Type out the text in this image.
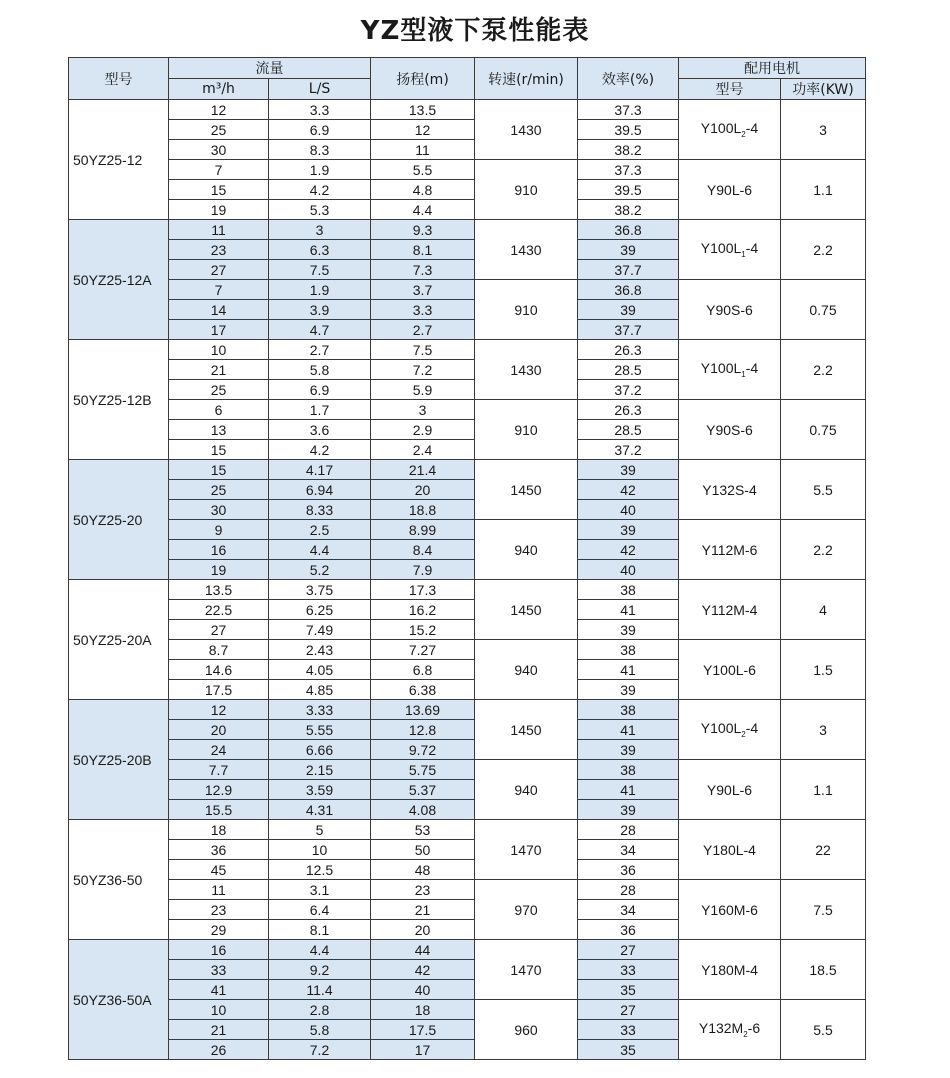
YZ型液下泵性能表
型号	流量		扬程(m)	转速(r/min)	效率(%)	配用电机	
	m³/h	L/S				型号	功率(KW)
50YZ25-12	12	3.3	13.5	1430	37.3	$Y100L_2-4$	3
	25	6.9	12		39.5		
	30	8.3	11		38.2		
	7	1.9	5.5	910	37.3	Y90L-6	1.1
	15	4.2	4.8		39.5		
	19	5.3	4.4		38.2		
50YZ25-12A	11	3	9.3	1430	36.8	$Y100L_1-4$	2.2
	23	6.3	8.1		39		
	27	7.5	7.3		37.7		
	7	1.9	3.7	910	36.8	Y90S-6	0.75
	14	3.9	3.3		39		
	17	4.7	2.7		37.7		
50YZ25-12B	10	2.7	7.5	1430	26.3	$Y100L_1-4$	2.2
	21	5.8	7.2		28.5		
	25	6.9	5.9		37.2		
	6	1.7	3	910	26.3	Y90S-6	0.75
	13	3.6	2.9		28.5		
	15	4.2	2.4		37.2		
50YZ25-20	15	4.17	21.4	1450	39	Y132S-4	5.5
	25	6.94	20		42		
	30	8.33	18.8		40		
	9	2.5	8.99	940	39	Y112M-6	2.2
	16	4.4	8.4		42		
	19	5.2	7.9		40		
50YZ25-20A	13.5	3.75	17.3	1450	38	Y112M-4	4
	22.5	6.25	16.2		41		
	27	7.49	15.2		39		
	8.7	2.43	7.27	940	38	Y100L-6	1.5
	14.6	4.05	6.8		41		
	17.5	4.85	6.38		39		
50YZ25-20B	12	3.33	13.69	1450	38	$Y100L_2-4$	3
	20	5.55	12.8		41		
	24	6.66	9.72		39		
	7.7	2.15	5.75	940	38	Y90L-6	1.1
	12.9	3.59	5.37		41		
	15.5	4.31	4.08		39		
50YZ36-50	18	5	53	1470	28	Y180L-4	22
	36	10	50		34		
	45	12.5	48		36		
	11	3.1	23	970	28	Y160M-6	7.5
	23	6.4	21		34		
	29	8.1	20		36		
50YZ36-50A	16	4.4	44	1470	27	Y180M-4	18.5
	33	9.2	42		33		
	41	11.4	40		35		
	10	2.8	18	960	27	$Y132M_2-6$	5.5
	21	5.8	17.5		33		
	26	7.2	17		35		
